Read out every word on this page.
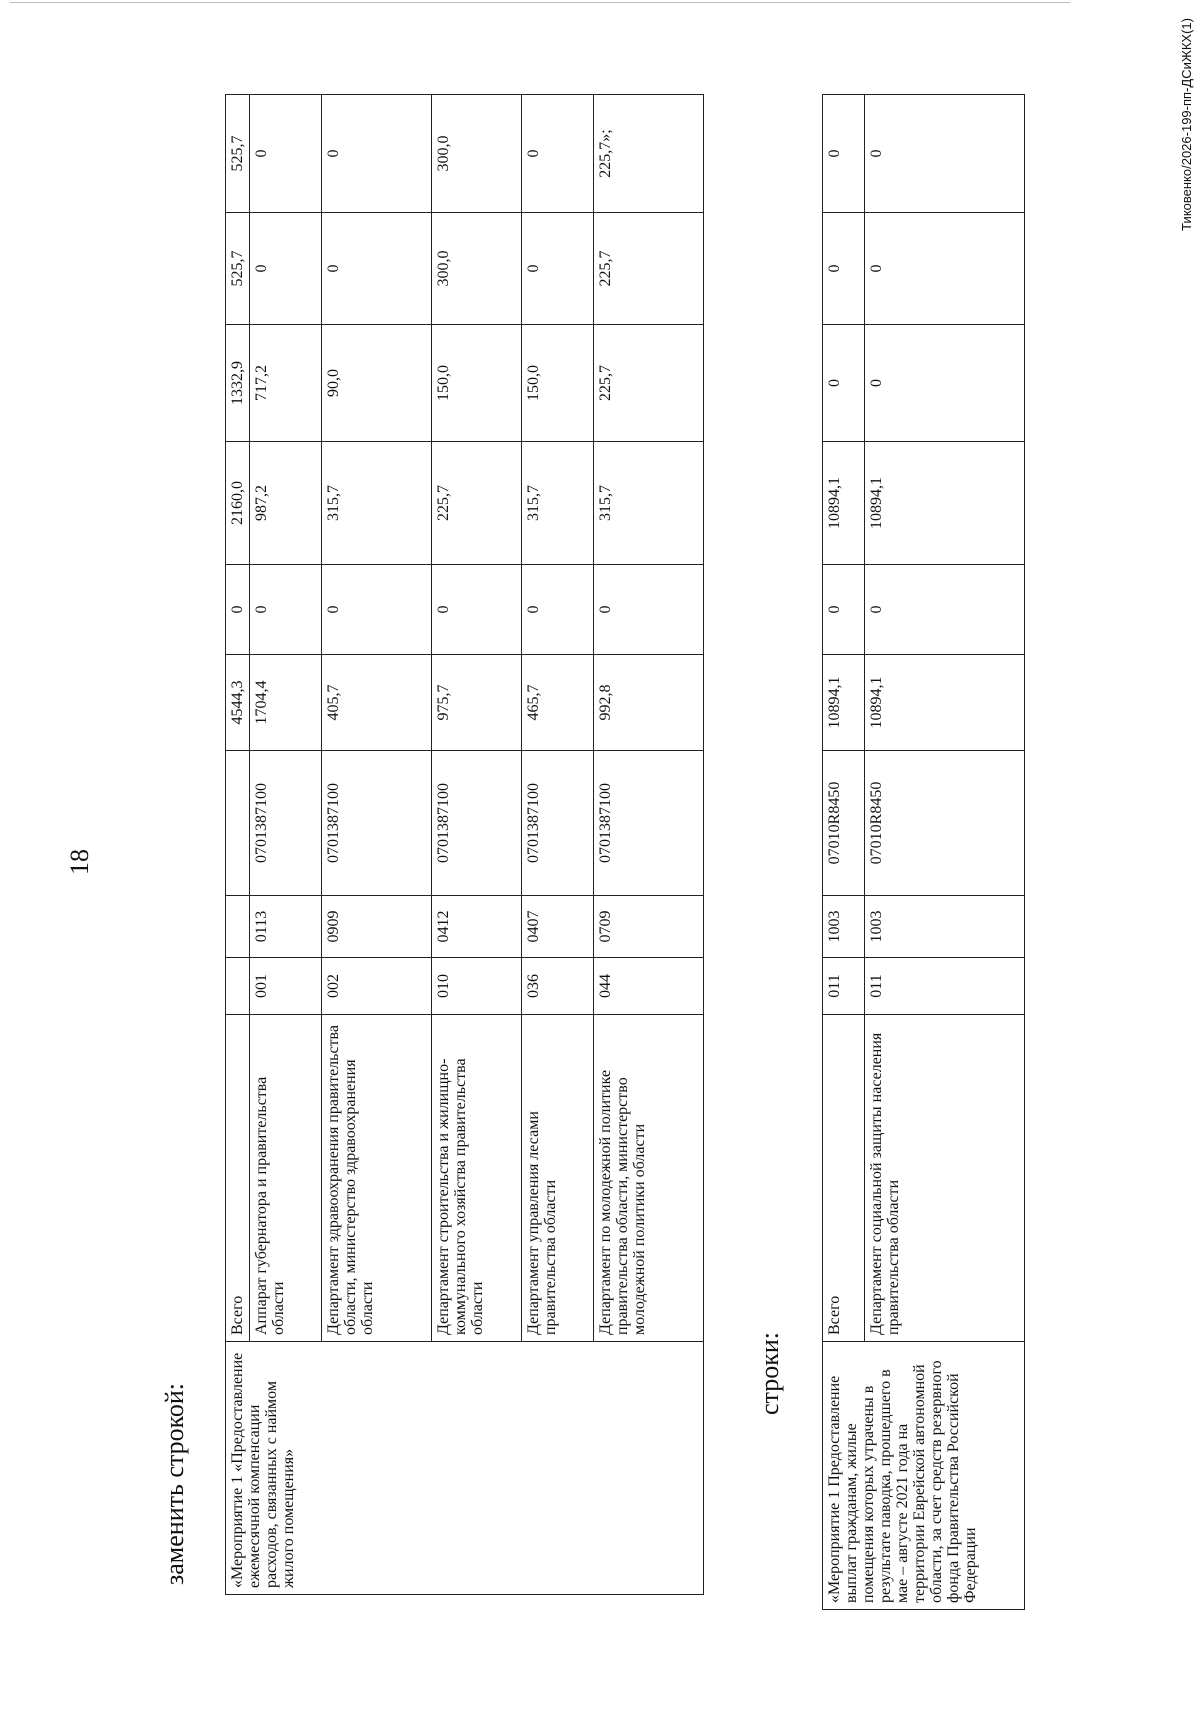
18
заменить строкой:	«Мероприятие 1 «Предоставление ежемесячной компенсации расходов, связанных с наймом жилого помещения»	Всего				4544,3	0	2160,0	1332,9	525,7	525,7
	Аппарат губернатора и правительства области	001	0113	0701387100	1704,4	0	987,2	717,2	0	0
	Департамент здравоохранения правительства области, министерство здравоохранения области	002	0909	0701387100	405,7	0	315,7	90,0	0	0
	Департамент строительства и жилищно-коммунального хозяйства правительства области	010	0412	0701387100	975,7	0	225,7	150,0	300,0	300,0
	Департамент управления лесами правительства области	036	0407	0701387100	465,7	0	315,7	150,0	0	0
	Департамент по молодежной политике правительства области, министерство молодежной политики области	044	0709	0701387100	992,8	0	315,7	225,7	225,7	225,7»;
строки:
«Мероприятие 1 Предоставление выплат гражданам, жилые помещения которых утрачены в результате паводка, прошедшего в мае – августе 2021 года на территории Еврейской автономной области, за счет средств резервного фонда Правительства Российской Федерации	Всего	011	1003	07010R8450	10894,1	0	10894,1	0	0	0
	Департамент социальной защиты населения правительства области	011	1003	07010R8450	10894,1	0	10894,1	0	0	0	Тиковенко/2026-199-пп-ДСиЖКХ(1)
